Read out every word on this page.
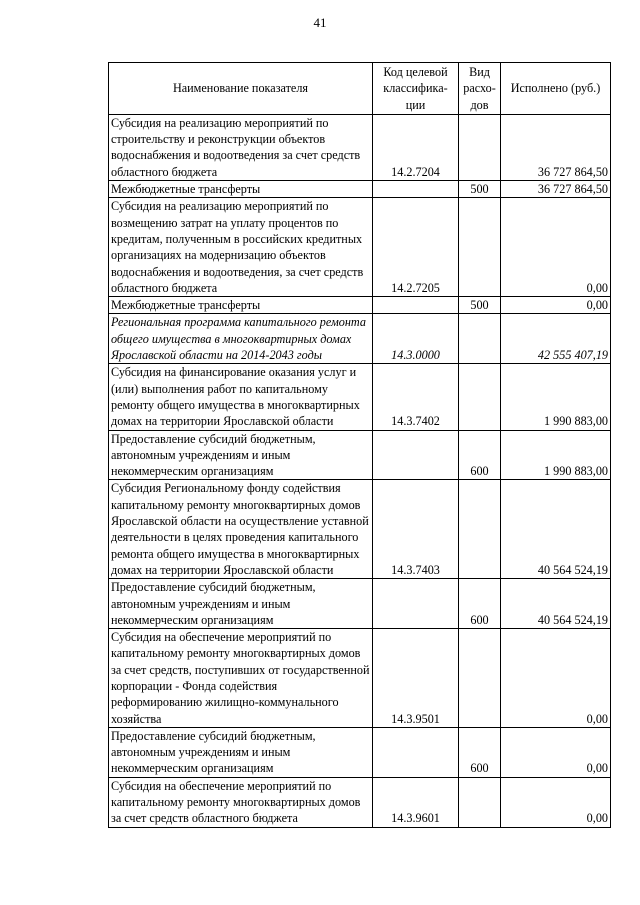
41
Наименование показателя	Код целевой классифика-ции	Вид расхо-дов	Исполнено (руб.)
Субсидия на реализацию мероприятий по строительству и реконструкции объектов водоснабжения и водоотведения за счет средств областного бюджета	14.2.7204		36 727 864,50
Межбюджетные трансферты		500	36 727 864,50
Субсидия на реализацию мероприятий по возмещению затрат на уплату процентов по кредитам, полученным в российских кредитных организациях на модернизацию объектов водоснабжения и водоотведения, за счет средств областного бюджета	14.2.7205		0,00
Межбюджетные трансферты		500	0,00
Региональная программа капитального ремонта общего имущества в многоквартирных домах Ярославской области на 2014-2043 годы	14.3.0000		42 555 407,19
Субсидия на финансирование оказания услуг и (или) выполнения работ по капитальному ремонту общего имущества в многоквартирных домах на территории Ярославской области	14.3.7402		1 990 883,00
Предоставление субсидий бюджетным, автономным учреждениям и иным некоммерческим организациям		600	1 990 883,00
Субсидия Региональному фонду содействия капитальному ремонту многоквартирных домов Ярославской области на осуществление уставной деятельности в целях проведения капитального ремонта общего имущества в многоквартирных домах на территории Ярославской области	14.3.7403		40 564 524,19
Предоставление субсидий бюджетным, автономным учреждениям и иным некоммерческим организациям		600	40 564 524,19
Субсидия на обеспечение мероприятий по капитальному ремонту многоквартирных домов за счет средств, поступивших от государственной корпорации - Фонда содействия реформированию жилищно-коммунального хозяйства	14.3.9501		0,00
Предоставление субсидий бюджетным, автономным учреждениям и иным некоммерческим организациям		600	0,00
Субсидия на обеспечение мероприятий по капитальному ремонту многоквартирных домов за счет средств областного бюджета	14.3.9601		0,00
